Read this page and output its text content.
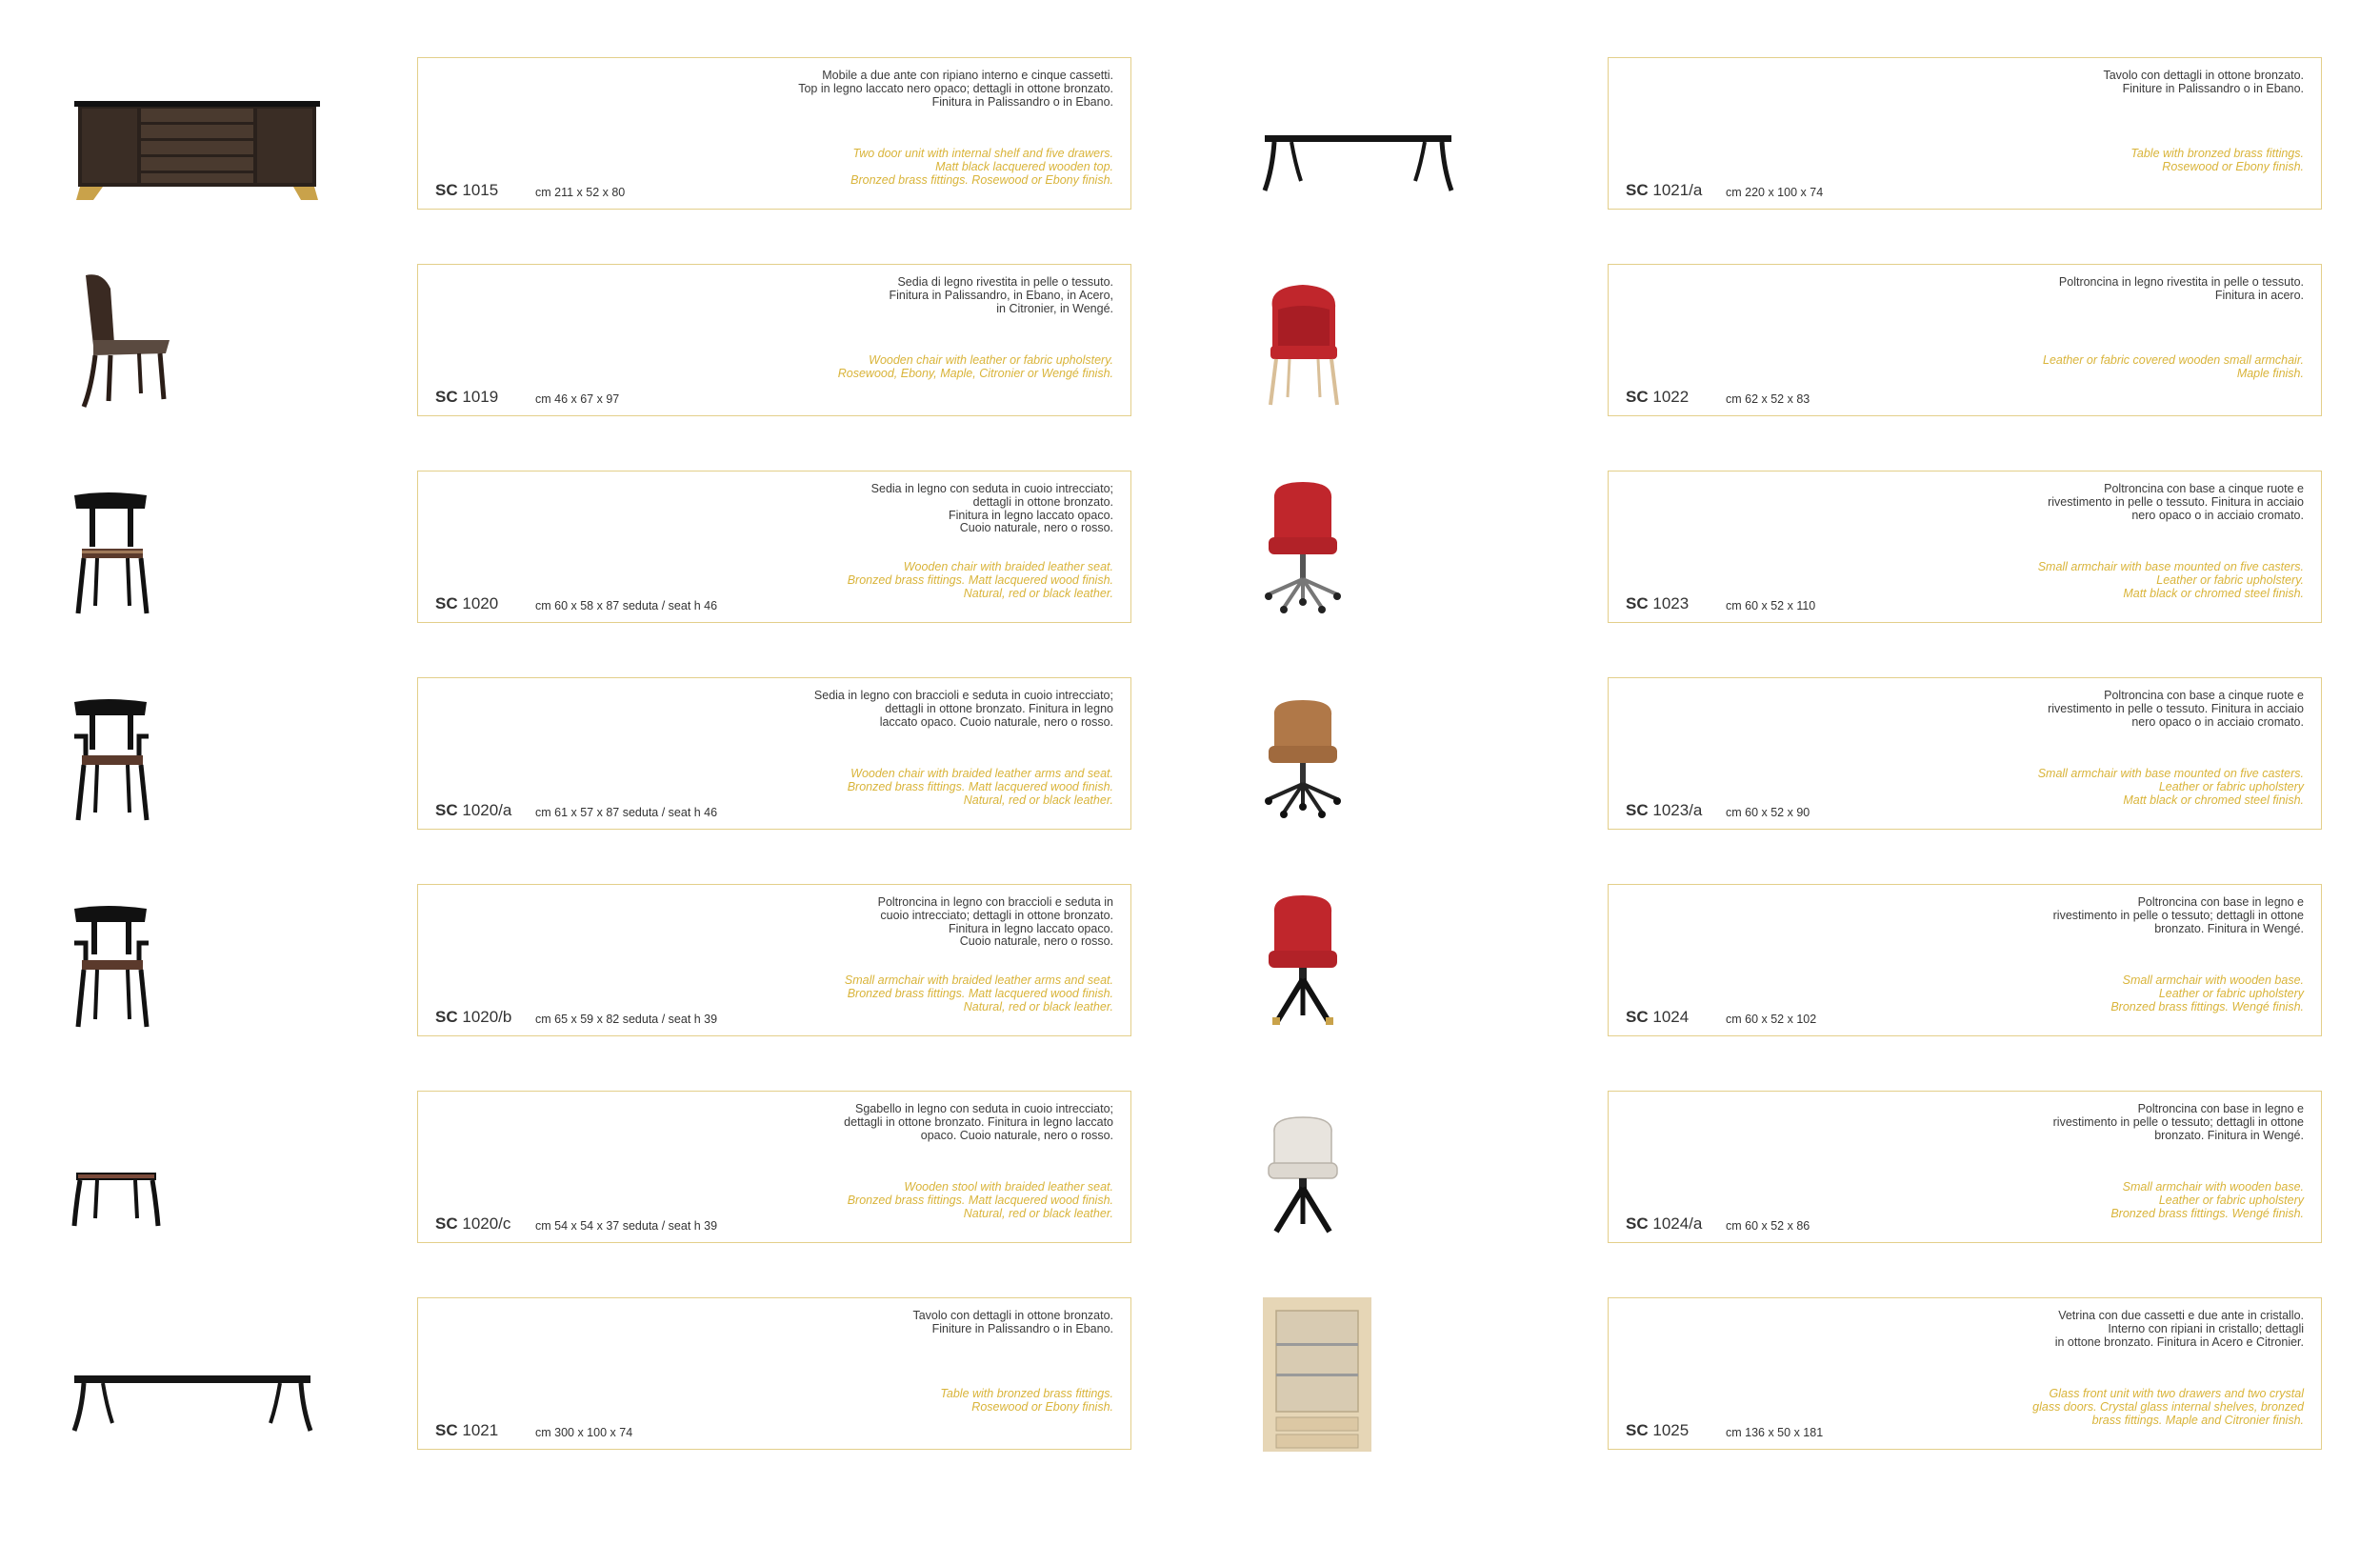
Mobile a due ante con ripiano interno e cinque cassetti.
Top in legno laccato nero opaco; dettagli in ottone bronzato.
Finitura in Palissandro o in Ebano.
Two door unit with internal shelf and five drawers.
Matt black lacquered wooden top.
Bronzed brass fittings. Rosewood or Ebony finish.
SC 1015	cm 211 x 52 x 80
Sedia di legno rivestita in pelle o tessuto.
Finitura in Palissandro, in Ebano, in Acero,
in Citronier, in Wengé.
Wooden chair with leather or fabric upholstery.
Rosewood, Ebony, Maple, Citronier or Wengé finish.
SC 1019	cm 46 x 67 x 97
Sedia in legno con seduta in cuoio intrecciato;
dettagli in ottone bronzato.
Finitura in legno laccato opaco.
Cuoio naturale, nero o rosso.
Wooden chair with braided leather seat.
Bronzed brass fittings. Matt lacquered wood finish.
Natural, red or black leather.
SC 1020	cm 60 x 58 x 87 seduta / seat h 46
Sedia in legno con braccioli e seduta in cuoio intrecciato;
dettagli in ottone bronzato. Finitura in legno
laccato opaco. Cuoio naturale, nero o rosso.
Wooden chair with braided leather arms and seat.
Bronzed brass fittings. Matt lacquered wood finish.
Natural, red or black leather.
SC 1020/a cm 61 x 57 x 87 seduta / seat h 46
Poltroncina in legno con braccioli e seduta in
cuoio intrecciato; dettagli in ottone bronzato.
Finitura in legno laccato opaco.
Cuoio naturale, nero o rosso.
Small armchair with braided leather arms and seat.
Bronzed brass fittings. Matt lacquered wood finish.
Natural, red or black leather.
SC 1020/b cm 65 x 59 x 82 seduta / seat h 39
Sgabello in legno con seduta in cuoio intrecciato;
dettagli in ottone bronzato. Finitura in legno laccato
opaco. Cuoio naturale, nero o rosso.
Wooden stool with braided leather seat.
Bronzed brass fittings. Matt lacquered wood finish.
Natural, red or black leather.
SC 1020/c cm 54 x 54 x 37 seduta / seat h 39
Tavolo con dettagli in ottone bronzato.
Finiture in Palissandro o in Ebano.
Table with bronzed brass fittings.
Rosewood or Ebony finish.
SC 1021	cm 300 x 100 x 74
Tavolo con dettagli in ottone bronzato.
Finiture in Palissandro o in Ebano.
Table with bronzed brass fittings.
Rosewood or Ebony finish.
SC 1021/a cm 220 x 100 x 74
Poltroncina in legno rivestita in pelle o tessuto.
Finitura in acero.
Leather or fabric covered wooden small armchair.
Maple finish.
SC 1022	cm 62 x 52 x 83
Poltroncina con base a cinque ruote e
rivestimento in pelle o tessuto. Finitura in acciaio
nero opaco o in acciaio cromato.
Small armchair with base mounted on five casters.
Leather or fabric upholstery.
Matt black or chromed steel finish.
SC 1023	cm 60 x 52 x 110
Poltroncina con base a cinque ruote e
rivestimento in pelle o tessuto. Finitura in acciaio
nero opaco o in acciaio cromato.
Small armchair with base mounted on five casters.
Leather or fabric upholstery
Matt black or chromed steel finish.
SC 1023/a cm 60 x 52 x 90
Poltroncina con base in legno e
rivestimento in pelle o tessuto; dettagli in ottone
bronzato. Finitura in Wengé.
Small armchair with wooden base.
Leather or fabric upholstery
Bronzed brass fittings. Wengé finish.
SC 1024	cm 60 x 52 x 102
Poltroncina con base in legno e
rivestimento in pelle o tessuto; dettagli in ottone
bronzato. Finitura in Wengé.
Small armchair with wooden base.
Leather or fabric upholstery
Bronzed brass fittings. Wengé finish.
SC 1024/a cm 60 x 52 x 86
Vetrina con due cassetti e due ante in cristallo.
Interno con ripiani in cristallo; dettagli
in ottone bronzato. Finitura in Acero e Citronier.
Glass front unit with two drawers and two crystal
glass doors. Crystal glass internal shelves, bronzed
brass fittings. Maple and Citronier finish.
SC 1025	cm 136 x 50 x 181
